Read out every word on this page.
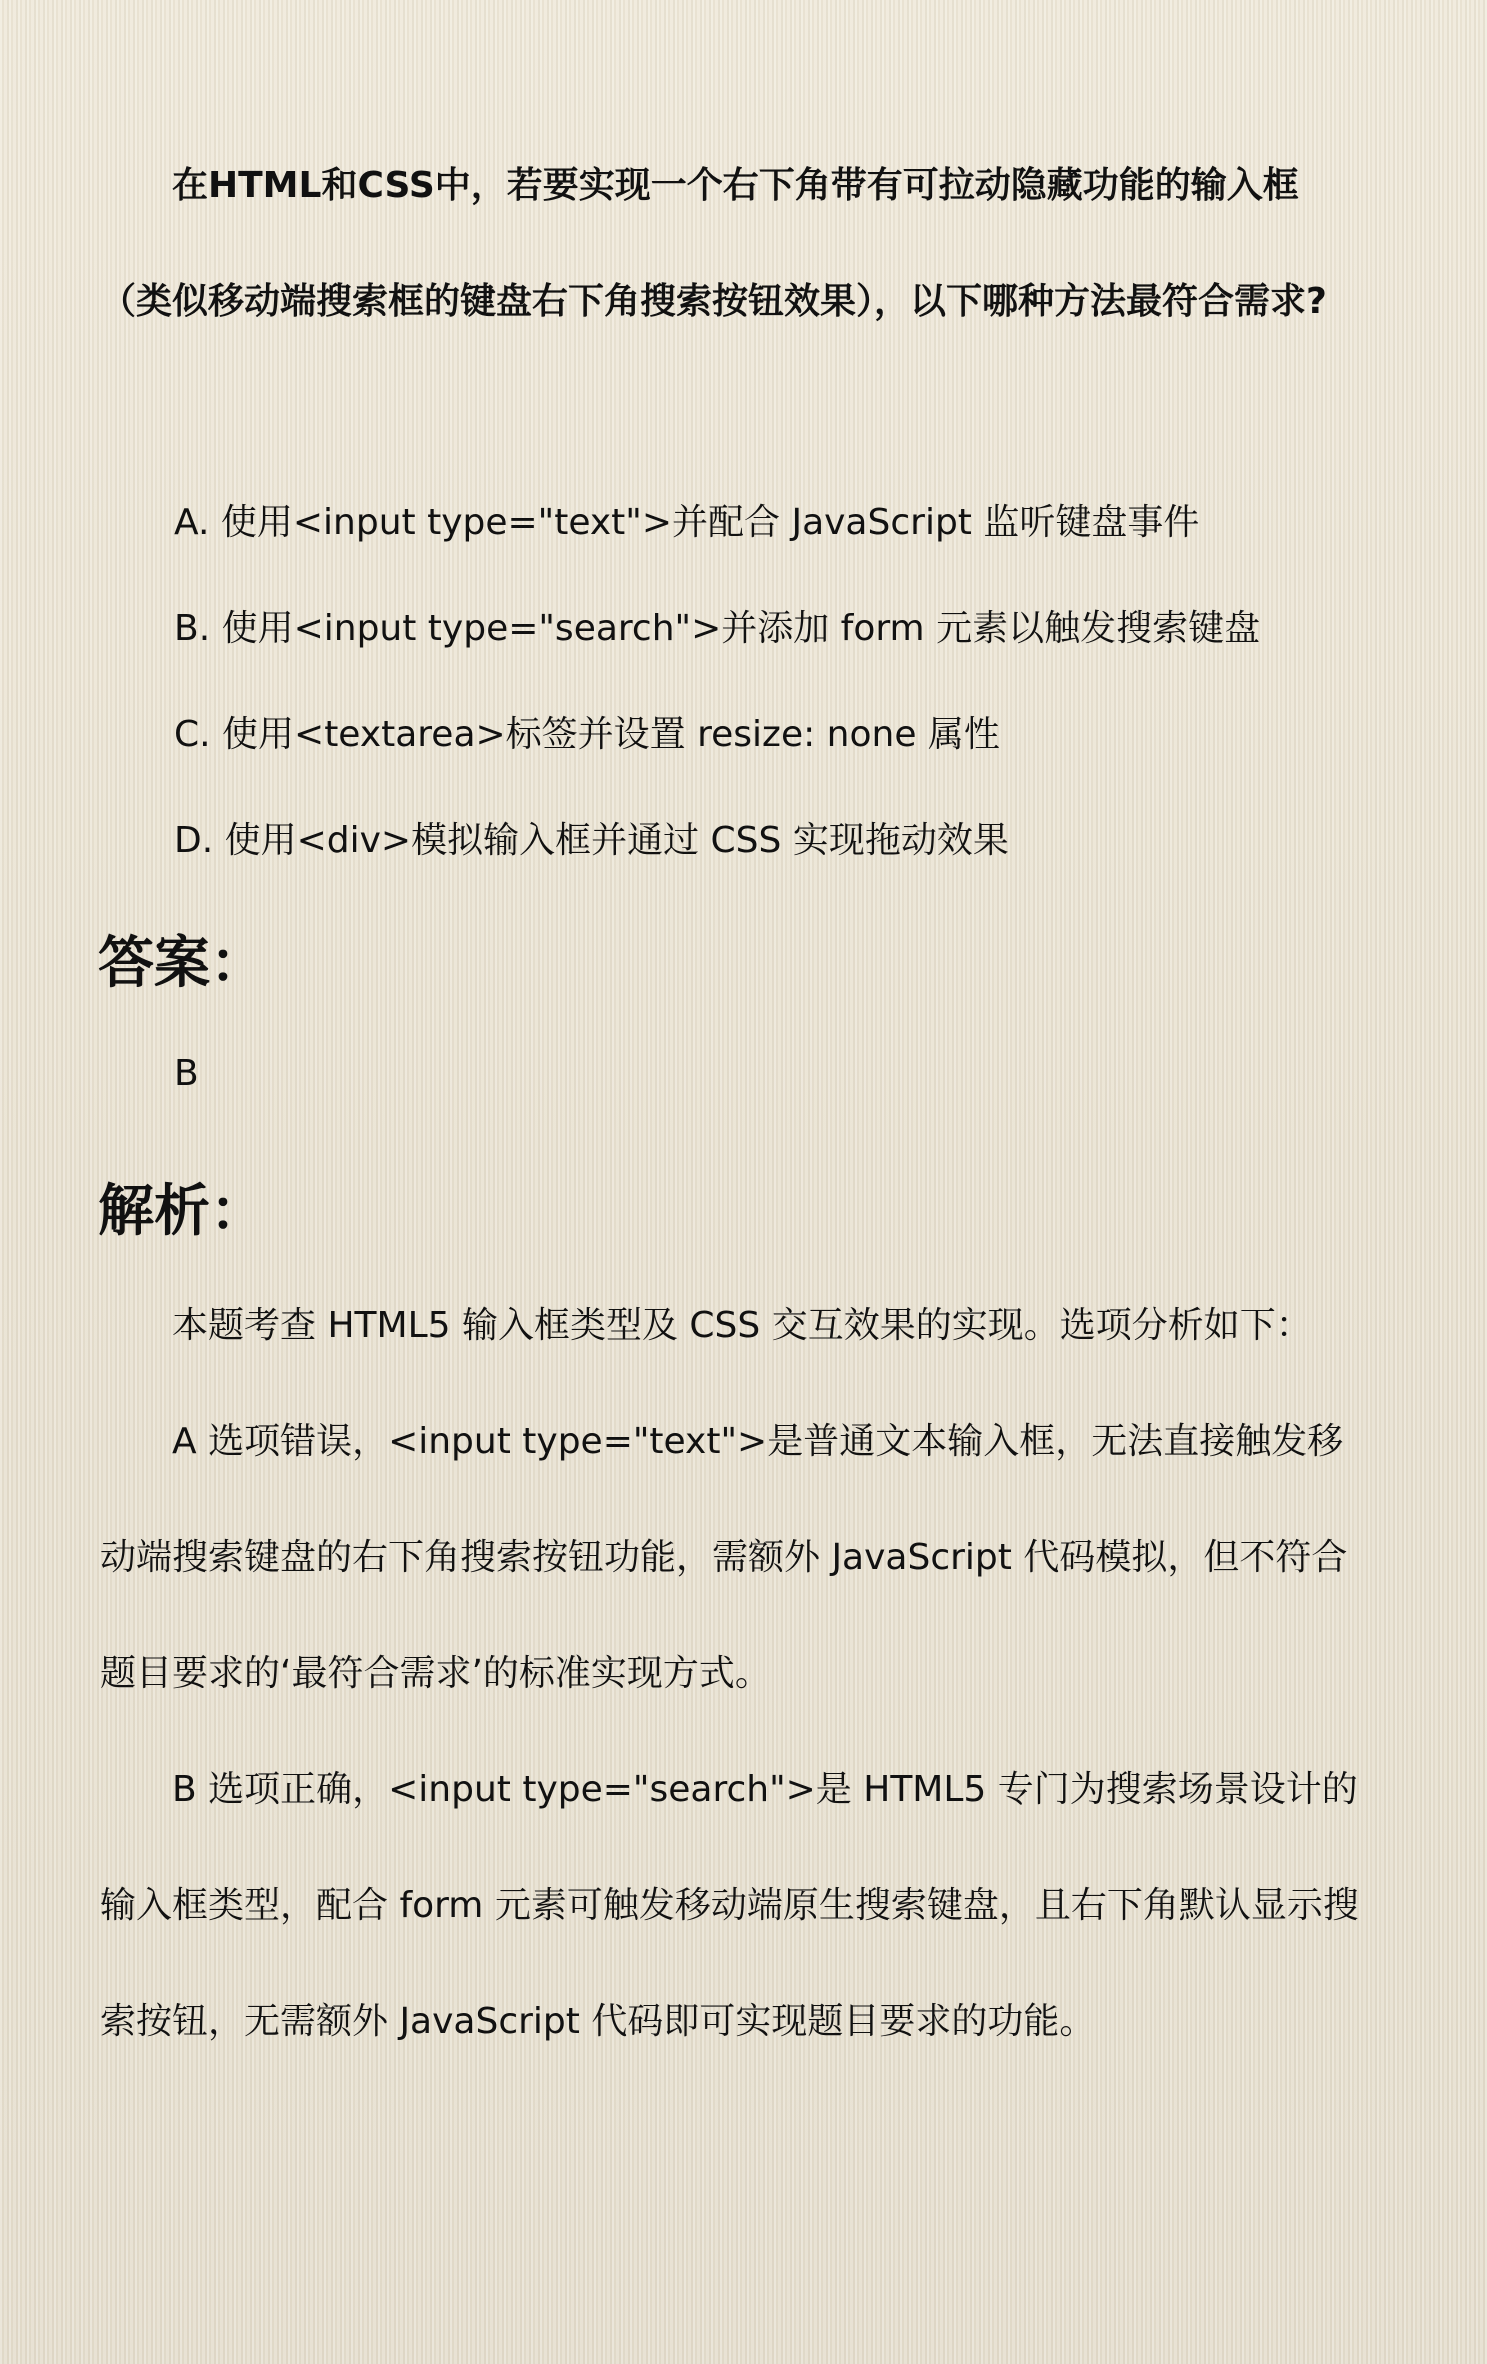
在HTML和CSS中，若要实现一个右下角带有可拉动隐藏功能的输入框（类似移动端搜索框的键盘右下角搜索按钮效果），以下哪种方法最符合需求?

A. 使用<input type="text">并配合 JavaScript 监听键盘事件
B. 使用<input type="search">并添加 form 元素以触发搜索键盘
C. 使用<textarea>标签并设置 resize: none 属性
D. 使用<div>模拟输入框并通过 CSS 实现拖动效果
答案：

B

解析：

本题考查 HTML5 输入框类型及 CSS 交互效果的实现。选项分析如下：

A 选项错误，<input type="text">是普通文本输入框，无法直接触发移动端搜索键盘的右下角搜索按钮功能，需额外 JavaScript 代码模拟，但不符合题目要求的‘最符合需求’的标准实现方式。

B 选项正确，<input type="search">是 HTML5 专门为搜索场景设计的输入框类型，配合 form 元素可触发移动端原生搜索键盘，且右下角默认显示搜索按钮，无需额外 JavaScript 代码即可实现题目要求的功能。
